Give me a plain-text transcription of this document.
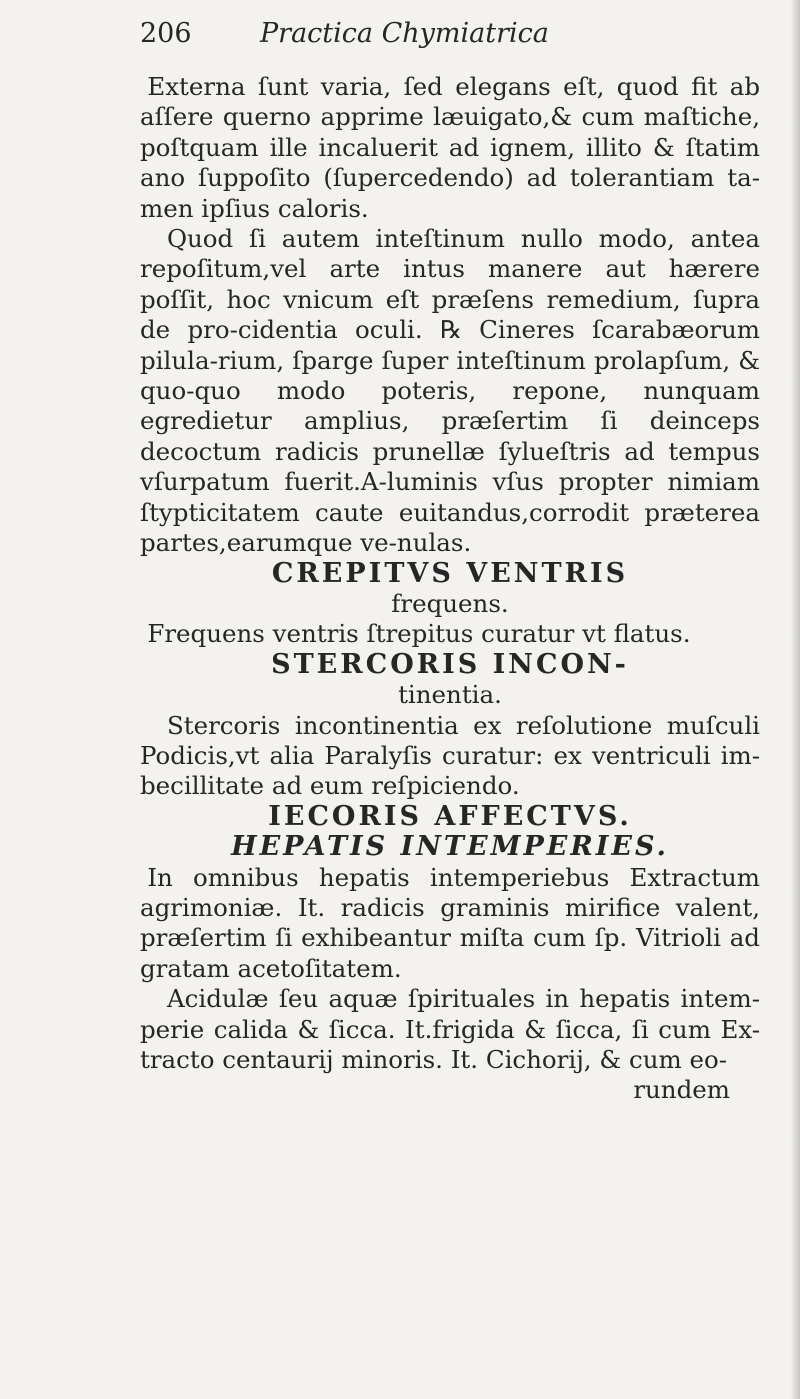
206	Practica Chymiatrica

Externa ſunt varia, ſed elegans eſt, quod fit ab aſſere querno apprime læuigato,& cum maſtiche, poſtquam ille incaluerit ad ignem, illito & ſtatim ano ſuppoſito (ſupercedendo) ad tolerantiam ta-men ipſius caloris.

Quod ſi autem inteſtinum nullo modo, antea repoſitum,vel arte intus manere aut hærere poſſit, hoc vnicum eſt præſens remedium, ſupra de pro-cidentia oculi. ℞ Cineres ſcarabæorum pilula-rium, ſparge ſuper inteſtinum prolapſum, & quo-quo modo poteris, repone, nunquam egredietur amplius, præſertim ſi deinceps decoctum radicis prunellæ ſylueſtris ad tempus vſurpatum fuerit.A-luminis vſus propter nimiam ſtypticitatem caute euitandus,corrodit præterea partes,earumque ve-nulas.

CREPITVS VENTRIS
frequens.

Frequens ventris ſtrepitus curatur vt flatus.

STERCORIS INCON-
tinentia.

Stercoris incontinentia ex reſolutione muſculi Podicis,vt alia Paralyſis curatur: ex ventriculi im-becillitate ad eum reſpiciendo.

IECORIS AFFECTVS.
HEPATIS INTEMPERIES.

In omnibus hepatis intemperiebus Extractum agrimoniæ. It. radicis graminis mirifice valent, præſertim ſi exhibeantur miſta cum ſp. Vitrioli ad gratam acetoſitatem.

Acidulæ ſeu aquæ ſpirituales in hepatis intem-perie calida & ſicca. It.frigida & ſicca, ſi cum Ex-tracto centaurij minoris. It. Cichorij, & cum eo-

rundem
